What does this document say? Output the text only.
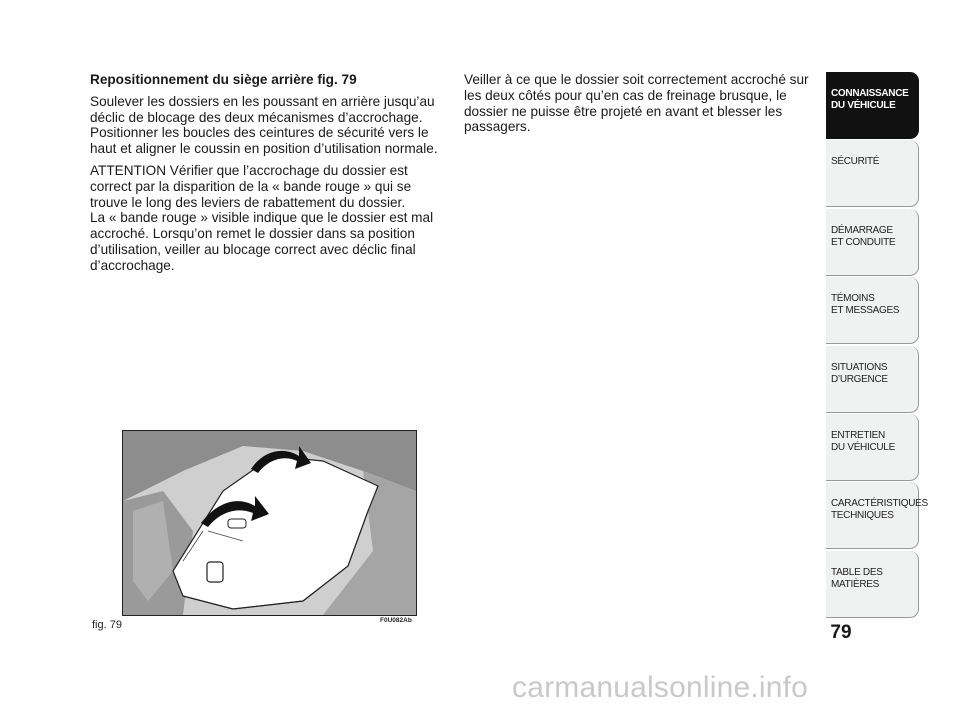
Repositionnement du siège arrière fig. 79

Soulever les dossiers en les poussant en arrière jusqu’au déclic de blocage des deux mécanismes d’accrochage. Positionner les boucles des ceintures de sécurité vers le haut et aligner le coussin en position d’utilisation normale.

ATTENTION Vérifier que l’accrochage du dossier est correct par la disparition de la « bande rouge » qui se trouve le long des leviers de rabattement du dossier.

La « bande rouge » visible indique que le dossier est mal accroché. Lorsqu’on remet le dossier dans sa position d’utilisation, veiller au blocage correct avec déclic final d’accrochage.

Veiller à ce que le dossier soit correctement accroché sur les deux côtés pour qu’en cas de freinage brusque, le dossier ne puisse être projeté en avant et blesser les passagers.

fig. 79	F0U082Ab
CONNAISSANCE
DU VÉHICULE
SÉCURITÉ
DÉMARRAGE
ET CONDUITE
TÉMOINS
ET MESSAGES
SITUATIONS
D’URGENCE
ENTRETIEN
DU VÉHICULE
CARACTÉRISTIQUES
TECHNIQUES
TABLE DES
MATIÈRES
79
carmanualsonline.info
